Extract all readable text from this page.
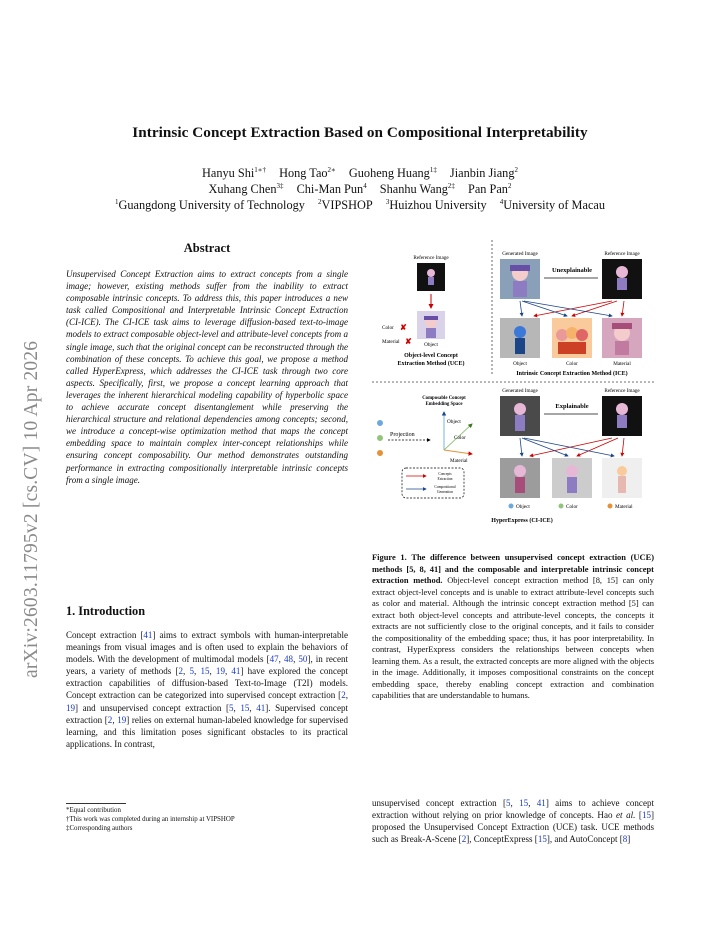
arXiv:2603.11795v2 [cs.CV] 10 Apr 2026
Intrinsic Concept Extraction Based on Compositional Interpretability
Hanyu Shi$^{1∗\dagger}$ Hong Tao$^{2∗}$ Guoheng Huang$^{1\ddagger}$ Jianbin Jiang$^2$
Xuhang Chen$^{3\ddagger}$ Chi-Man Pun$^4$ Shanhu Wang$^{2\ddagger}$ Pan Pan$^2$
$^1$Guangdong University of Technology $^2$VIPSHOP $^3$Huizhou University $^4$University of Macau
Abstract
Unsupervised Concept Extraction aims to extract concepts from a single image; however, existing methods suffer from the inability to extract composable intrinsic concepts. To address this, this paper introduces a new task called Compositional and Interpretable Intrinsic Concept Extraction (CI-ICE). The CI-ICE task aims to leverage diffusion-based text-to-image models to extract composable object-level and attribute-level concepts from a single image, such that the original concept can be reconstructed through the combination of these concepts. To achieve this goal, we propose a method called HyperExpress, which addresses the CI-ICE task through two core aspects. Specifically, first, we propose a concept learning approach that leverages the inherent hierarchical modeling capability of hyperbolic space to achieve accurate concept disentanglement while preserving the hierarchical structure and relational dependencies among concepts; second, we introduce a concept-wise optimization method that maps the concept embedding space to maintain complex inter-concept relationships while ensuring concept composability. Our method demonstrates outstanding performance in extracting compositionally interpretable intrinsic concepts from a single image.
1. Introduction
Concept extraction [41] aims to extract symbols with human-interpretable meanings from visual images and is often used to explain the behaviors of models. With the development of multimodal models [47, 48, 50], in recent years, a variety of methods [2, 5, 15, 19, 41] have explored the concept extraction capabilities of diffusion-based Text-to-Image (T2I) models. Concept extraction can be categorized into supervised concept extraction [2, 19] and unsupervised concept extraction [5, 15, 41]. Supervised concept extraction [2, 19] relies on external human-labeled knowledge for supervised learning, and this limitation poses significant obstacles to its practical applications. In contrast,
*Equal contribution
†This work was completed during an internship at VIPSHOP
‡Corresponding authors
Reference Image
Color ✘
Material ✘ Object
Object-level Concept
Extraction Method (UCE)
Generated Image	Reference Image
Unexplainable
Object	Color	Material
Intrinsic Concept Extraction Method (ICE)
Composable Concept
Embedding Space
Projection
Object
Color
Material
Concepts
Extraction
Compositional
Generation
Generated Image	Reference Image
Explainable
Object	Color	Material
HyperExpress (CI-ICE)
Figure 1. The difference between unsupervised concept extraction (UCE) methods [5, 8, 41] and the composable and interpretable intrinsic concept extraction method. Object-level concept extraction method [8, 15] can only extract object-level concepts and is unable to extract attribute-level concepts such as color and material. Although the intrinsic concept extraction method [5] can extract both object-level concepts and attribute-level concepts, the concepts it extracts are not sufficiently close to the original concepts, and it fails to consider the compositionality of the embedding space; thus, it has poor interpretability. In contrast, HyperExpress considers the relationships between concepts when learning them. As a result, the extracted concepts are more aligned with the objects in the image. Additionally, it imposes compositional constraints on the concept embedding space, thereby enabling concept extraction and combination capabilities that are understandable to humans.
unsupervised concept extraction [5, 15, 41] aims to achieve concept extraction without relying on prior knowledge of concepts. Hao et al. [15] proposed the Unsupervised Concept Extraction (UCE) task. UCE methods such as Break-A-Scene [2], ConceptExpress [15], and AutoConcept [8]
